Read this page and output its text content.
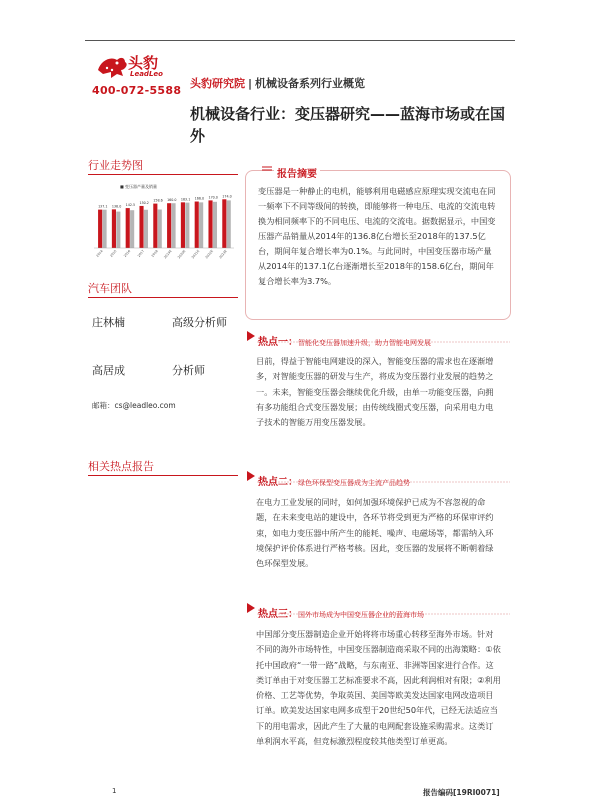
头豹
LeadLeo
400-072-5588
头豹研究院 | 机械设备系列行业概览
机械设备行业：变压器研究——蓝海市场或在国外
行业走势图
■ 变压器产量及销量
137.1 138.0 142.5
150.2
158.6 160.0 163.1 166.0 170.0 174.0
2014 2015 2016 2017 2018 2019E 2020E 2021E 2022E 2023E
汽车团队
庄林楠	高级分析师
高居成	分析师
邮箱：cs@leadleo.com
相关热点报告
报告摘要
变压器是一种静止的电机，能够利用电磁感应原理实现交流电在同一频率下不同等级间的转换，即能够将一种电压、电流的交流电转换为相同频率下的不同电压、电流的交流电。据数据显示，中国变压器产品销量从2014年的136.8亿台增长至2018年的137.5亿台，期间年复合增长率为0.1%。与此同时，中国变压器市场产量从2014年的137.1亿台逐渐增长至2018年的158.6亿台，期间年复合增长率为3.7%。
热点一：智能化变压器加速升级，助力智能电网发展
目前，得益于智能电网建设的深入，智能变压器的需求也在逐渐增多，对智能变压器的研发与生产，将成为变压器行业发展的趋势之一。未来，智能变压器会继续优化升级，由单一功能变压器，向拥有多功能组合式变压器发展；由传统线圈式变压器，向采用电力电子技术的智能万用变压器发展。
热点二：绿色环保型变压器成为主流产品趋势
在电力工业发展的同时，如何加强环境保护已成为不容忽视的命题，在未来变电站的建设中，各环节将受到更为严格的环保审评约束，如电力变压器中所产生的能耗、噪声、电磁场等，都需纳入环境保护评价体系进行严格考核。因此，变压器的发展将不断朝着绿色环保型发展。
热点三：国外市场成为中国变压器企业的蓝海市场
中国部分变压器制造企业开始将将市场重心转移至海外市场。针对不同的海外市场特性，中国变压器制造商采取不同的出海策略：①依托中国政府“一带一路”战略，与东南亚、非洲等国家进行合作。这类订单由于对变压器工艺标准要求不高，因此利润相对有限；②利用价格、工艺等优势，争取英国、美国等欧美发达国家电网改造项目订单。欧美发达国家电网多成型于20世纪50年代，已经无法适应当下的用电需求，因此产生了大量的电网配套设施采购需求。这类订单利润水平高，但竞标激烈程度较其他类型订单更高。
1	报告编码[19RI0071]
